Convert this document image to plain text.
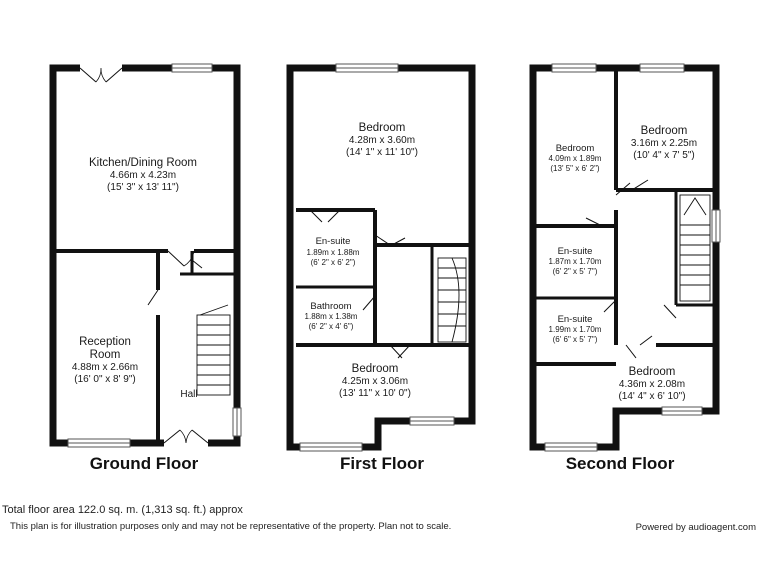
Kitchen/Dining Room
4.66m x 4.23m
(15' 3" x 13' 11")
Reception
Room
4.88m x 2.66m
(16' 0" x 8' 9")
Hall
Bedroom
4.28m x 3.60m
(14' 1" x 11' 10")
En-suite
1.89m x 1.88m
(6' 2" x 6' 2")
Bathroom
1.88m x 1.38m
(6' 2" x 4' 6")
Bedroom
4.25m x 3.06m
(13' 11" x 10' 0")
Bedroom
4.09m x 1.89m
(13' 5" x 6' 2")
Bedroom
3.16m x 2.25m
(10' 4" x 7' 5")
En-suite
1.87m x 1.70m
(6' 2" x 5' 7")
En-suite
1.99m x 1.70m
(6' 6" x 5' 7")
Bedroom
4.36m x 2.08m
(14' 4" x 6' 10")
Ground Floor	First Floor	Second Floor
Total floor area 122.0 sq. m. (1,313 sq. ft.) approx
This plan is for illustration purposes only and may not be representative of the property. Plan not to scale.	Powered by audioagent.com
